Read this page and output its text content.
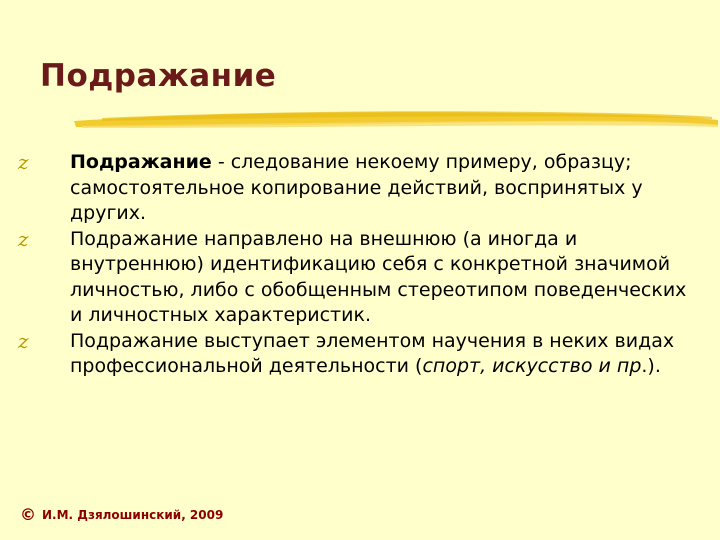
Подражание
z Подражание - следование некоему примеру, образцу; самостоятельное копирование действий, воспринятых у других.
z Подражание направлено на внешнюю (а иногда и внутреннюю) идентификацию себя с конкретной значимой личностью, либо с обобщенным стереотипом поведенческих и личностных характеристик.
z Подражание выступает элементом научения в неких видах профессиональной деятельности (спорт, искусство и пр.).
© И.М. Дзялошинский, 2009
